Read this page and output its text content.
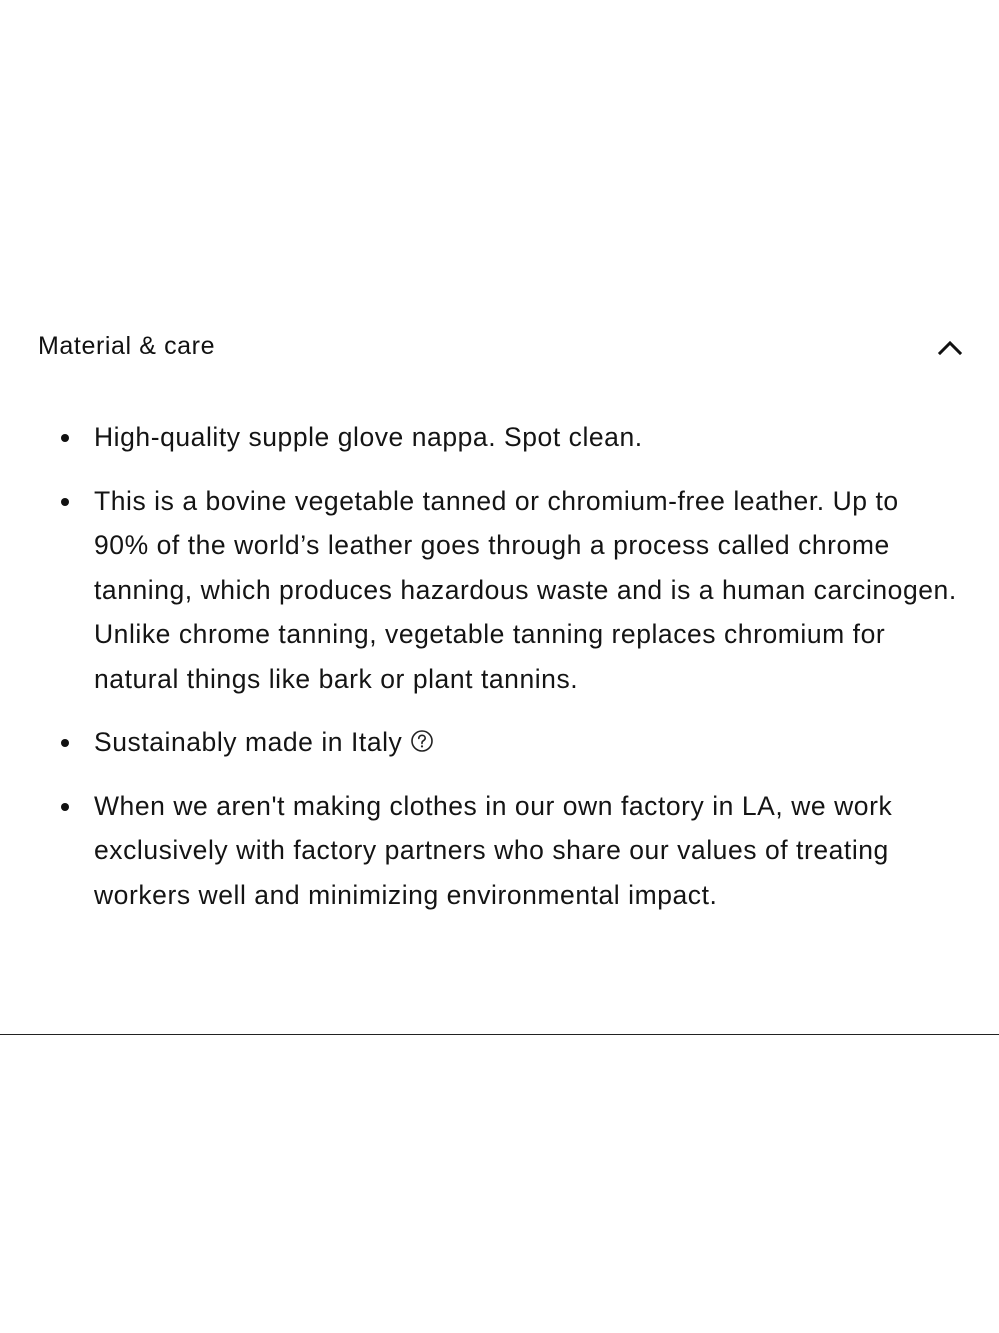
Material & care
High-quality supple glove nappa. Spot clean.
This is a bovine vegetable tanned or chromium-free leather. Up to 90% of the world’s leather goes through a process called chrome tanning, which produces hazardous waste and is a human carcinogen. Unlike chrome tanning, vegetable tanning replaces chromium for natural things like bark or plant tannins.
Sustainably made in Italy
When we aren't making clothes in our own factory in LA, we work exclusively with factory partners who share our values of treating workers well and minimizing environmental impact.
